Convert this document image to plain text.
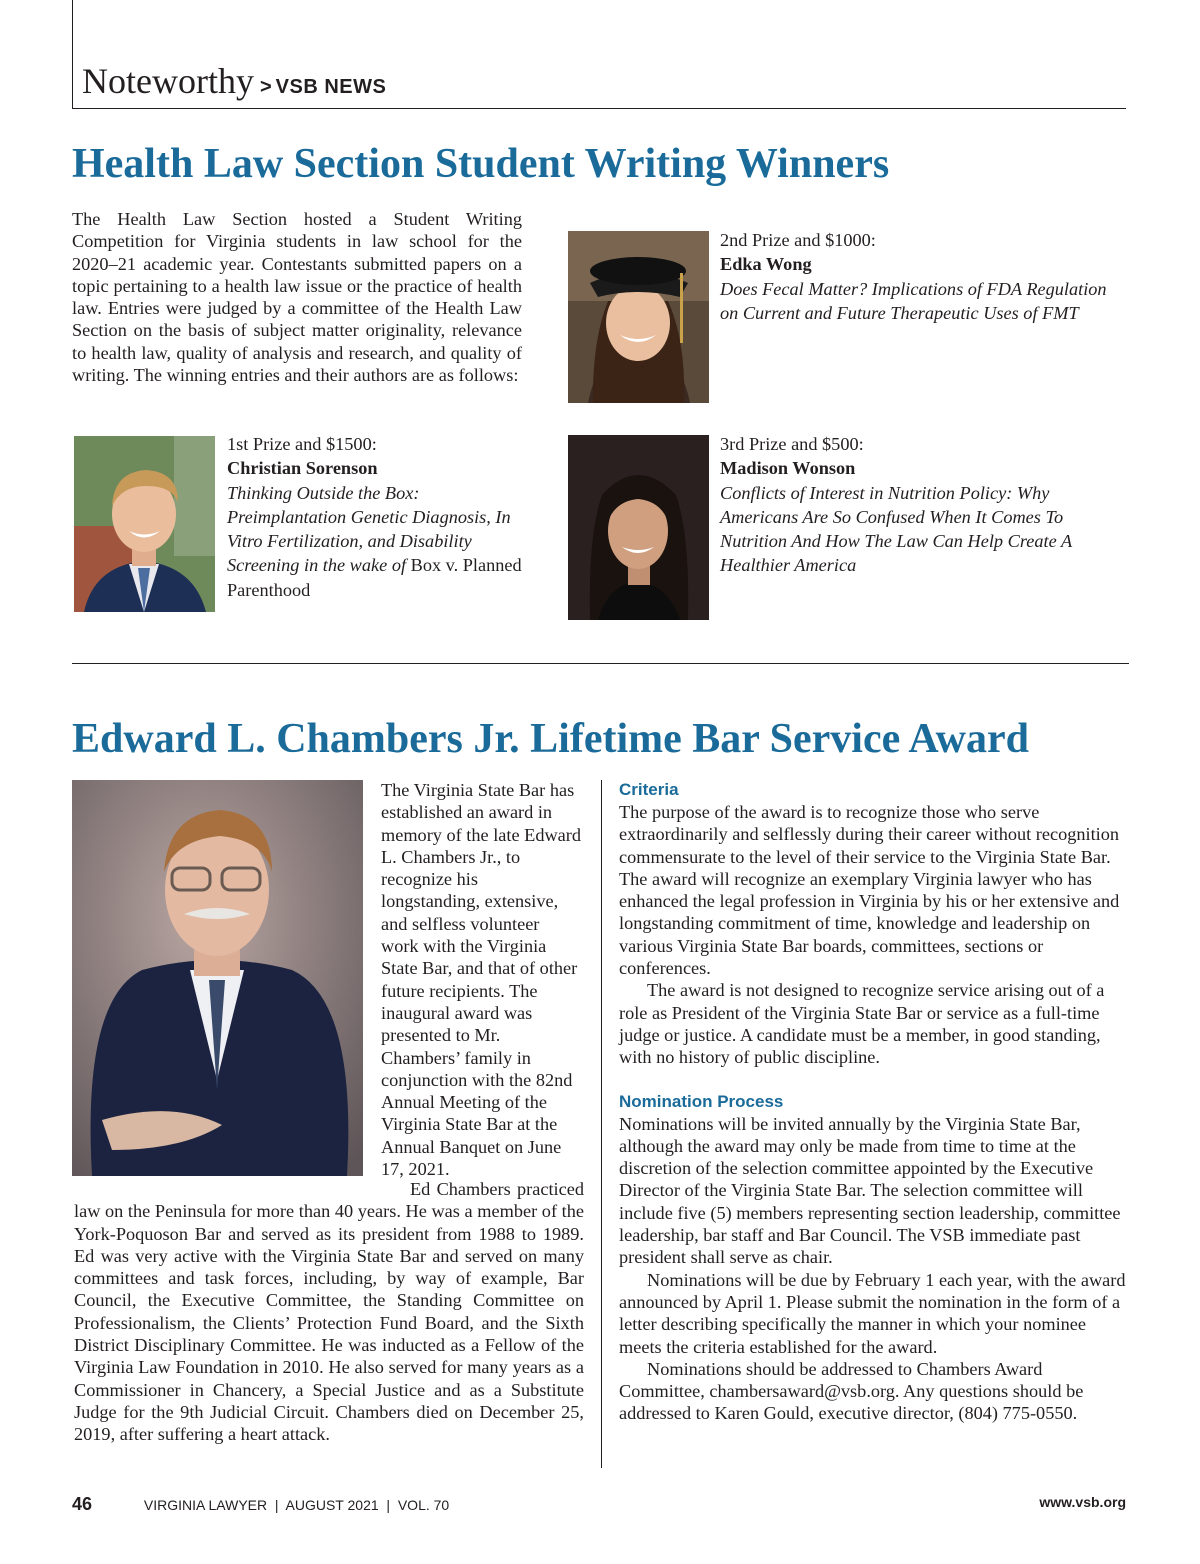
Noteworthy > VSB NEWS
Health Law Section Student Writing Winners

The Health Law Section hosted a Student Writing Competition for Virginia students in law school for the 2020–21 academic year. Contestants submitted papers on a topic pertaining to a health law issue or the practice of health law. Entries were judged by a committee of the Health Law Section on the basis of subject matter originality, relevance to health law, quality of analysis and research, and quality of writing. The winning entries and their authors are as follows:

1st Prize and $1500:
Christian Sorenson
Thinking Outside the Box: Preimplantation Genetic Diagnosis, In Vitro Fertilization, and Disability Screening in the wake of Box v. Planned Parenthood
2nd Prize and $1000:
Edka Wong
Does Fecal Matter? Implications of FDA Regulation on Current and Future Therapeutic Uses of FMT
3rd Prize and $500:
Madison Wonson
Conflicts of Interest in Nutrition Policy: Why Americans Are So Confused When It Comes To Nutrition And How The Law Can Help Create A Healthier America
Edward L. Chambers Jr. Lifetime Bar Service Award

The Virginia State Bar has established an award in memory of the late Edward L. Chambers Jr., to recognize his longstanding, extensive, and selfless volunteer work with the Virginia State Bar, and that of other future recipients. The inaugural award was presented to Mr. Chambers’ family in conjunction with the 82nd Annual Meeting of the Virginia State Bar at the Annual Banquet on June 17, 2021.

Ed Chambers practiced law on the Peninsula for more than 40 years. He was a member of the York-Poquoson Bar and served as its president from 1988 to 1989. Ed was very active with the Virginia State Bar and served on many committees and task forces, including, by way of example, Bar Council, the Executive Committee, the Standing Committee on Professionalism, the Clients’ Protection Fund Board, and the Sixth District Disciplinary Committee. He was inducted as a Fellow of the Virginia Law Foundation in 2010. He also served for many years as a Commissioner in Chancery, a Special Justice and as a Substitute Judge for the 9th Judicial Circuit. Chambers died on December 25, 2019, after suffering a heart attack.

Criteria

The purpose of the award is to recognize those who serve extraordinarily and selflessly during their career without recognition commensurate to the level of their service to the Virginia State Bar. The award will recognize an exemplary Virginia lawyer who has enhanced the legal profession in Virginia by his or her extensive and longstanding commitment of time, knowledge and leadership on various Virginia State Bar boards, committees, sections or conferences.

The award is not designed to recognize service arising out of a role as President of the Virginia State Bar or service as a full-time judge or justice. A candidate must be a member, in good standing, with no history of public discipline.

Nomination Process

Nominations will be invited annually by the Virginia State Bar, although the award may only be made from time to time at the discretion of the selection committee appointed by the Executive Director of the Virginia State Bar. The selection committee will include five (5) members representing section leadership, committee leadership, bar staff and Bar Council. The VSB immediate past president shall serve as chair.

Nominations will be due by February 1 each year, with the award announced by April 1. Please submit the nomination in the form of a letter describing specifically the manner in which your nominee meets the criteria established for the award.

Nominations should be addressed to Chambers Award Committee, chambersaward@vsb.org. Any questions should be addressed to Karen Gould, executive director, (804) 775-0550.

46	VIRGINIA LAWYER  |  AUGUST 2021  |  VOL. 70	www.vsb.org
